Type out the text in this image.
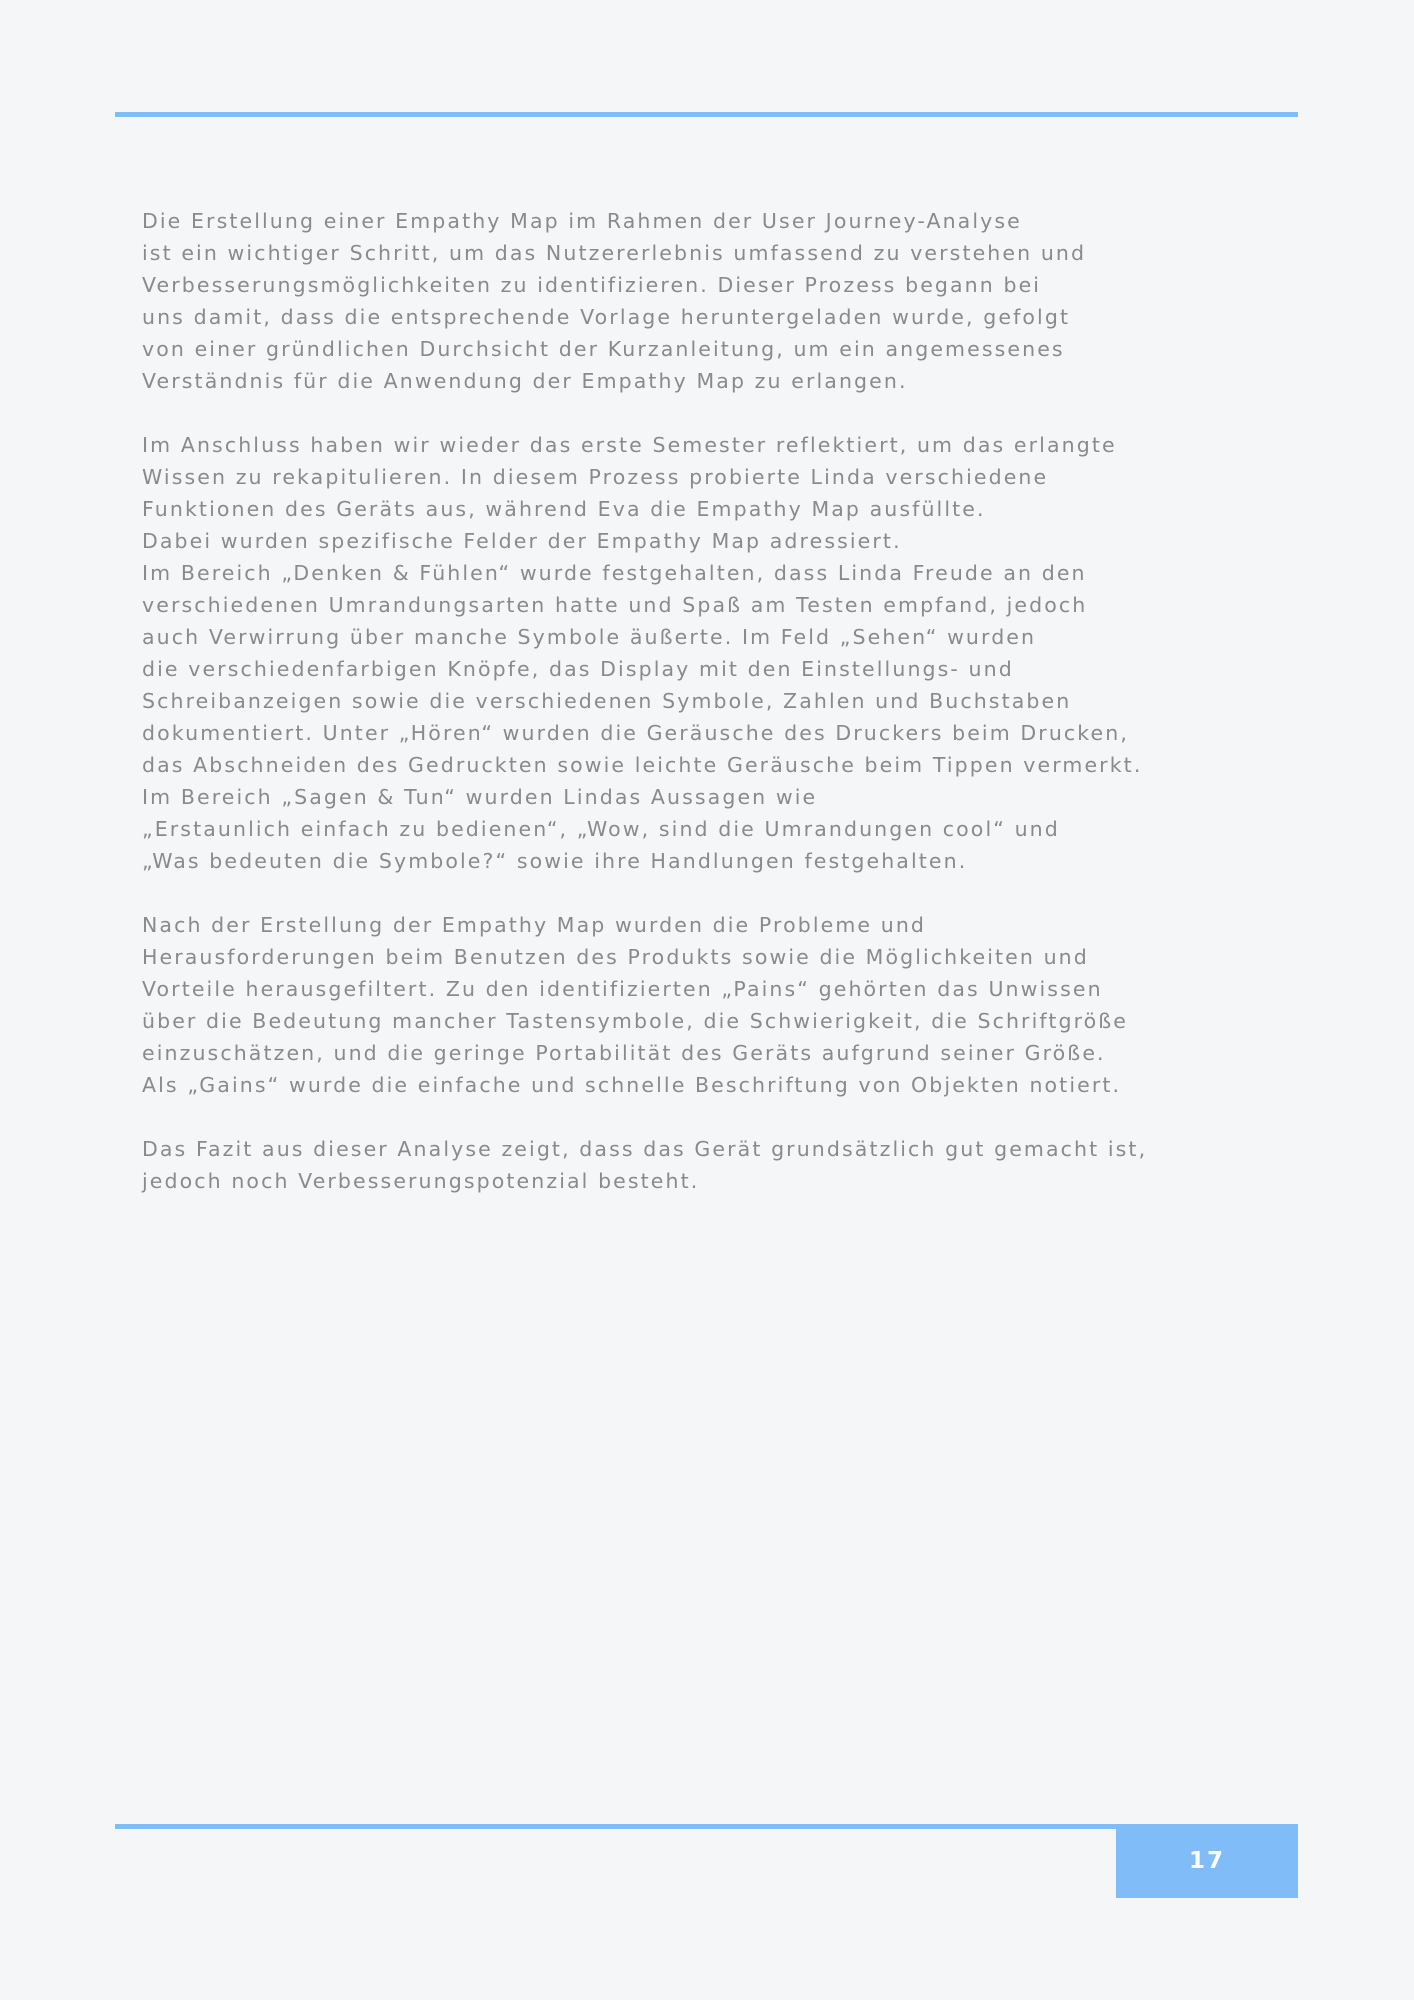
Die Erstellung einer Empathy Map im Rahmen der User Journey-Analyse
ist ein wichtiger Schritt, um das Nutzererlebnis umfassend zu verstehen und
Verbesserungsmöglichkeiten zu identifizieren. Dieser Prozess begann bei
uns damit, dass die entsprechende Vorlage heruntergeladen wurde, gefolgt
von einer gründlichen Durchsicht der Kurzanleitung, um ein angemessenes
Verständnis für die Anwendung der Empathy Map zu erlangen.
Im Anschluss haben wir wieder das erste Semester reflektiert, um das erlangte
Wissen zu rekapitulieren. In diesem Prozess probierte Linda verschiedene
Funktionen des Geräts aus, während Eva die Empathy Map ausfüllte.
Dabei wurden spezifische Felder der Empathy Map adressiert.
Im Bereich „Denken & Fühlen“ wurde festgehalten, dass Linda Freude an den
verschiedenen Umrandungsarten hatte und Spaß am Testen empfand, jedoch
auch Verwirrung über manche Symbole äußerte. Im Feld „Sehen“ wurden
die verschiedenfarbigen Knöpfe, das Display mit den Einstellungs- und
Schreibanzeigen sowie die verschiedenen Symbole, Zahlen und Buchstaben
dokumentiert. Unter „Hören“ wurden die Geräusche des Druckers beim Drucken,
das Abschneiden des Gedruckten sowie leichte Geräusche beim Tippen vermerkt.
Im Bereich „Sagen & Tun“ wurden Lindas Aussagen wie
„Erstaunlich einfach zu bedienen“, „Wow, sind die Umrandungen cool“ und
„Was bedeuten die Symbole?“ sowie ihre Handlungen festgehalten.
Nach der Erstellung der Empathy Map wurden die Probleme und
Herausforderungen beim Benutzen des Produkts sowie die Möglichkeiten und
Vorteile herausgefiltert. Zu den identifizierten „Pains“ gehörten das Unwissen
über die Bedeutung mancher Tastensymbole, die Schwierigkeit, die Schriftgröße
einzuschätzen, und die geringe Portabilität des Geräts aufgrund seiner Größe.
Als „Gains“ wurde die einfache und schnelle Beschriftung von Objekten notiert.
Das Fazit aus dieser Analyse zeigt, dass das Gerät grundsätzlich gut gemacht ist,
jedoch noch Verbesserungspotenzial besteht.
17
